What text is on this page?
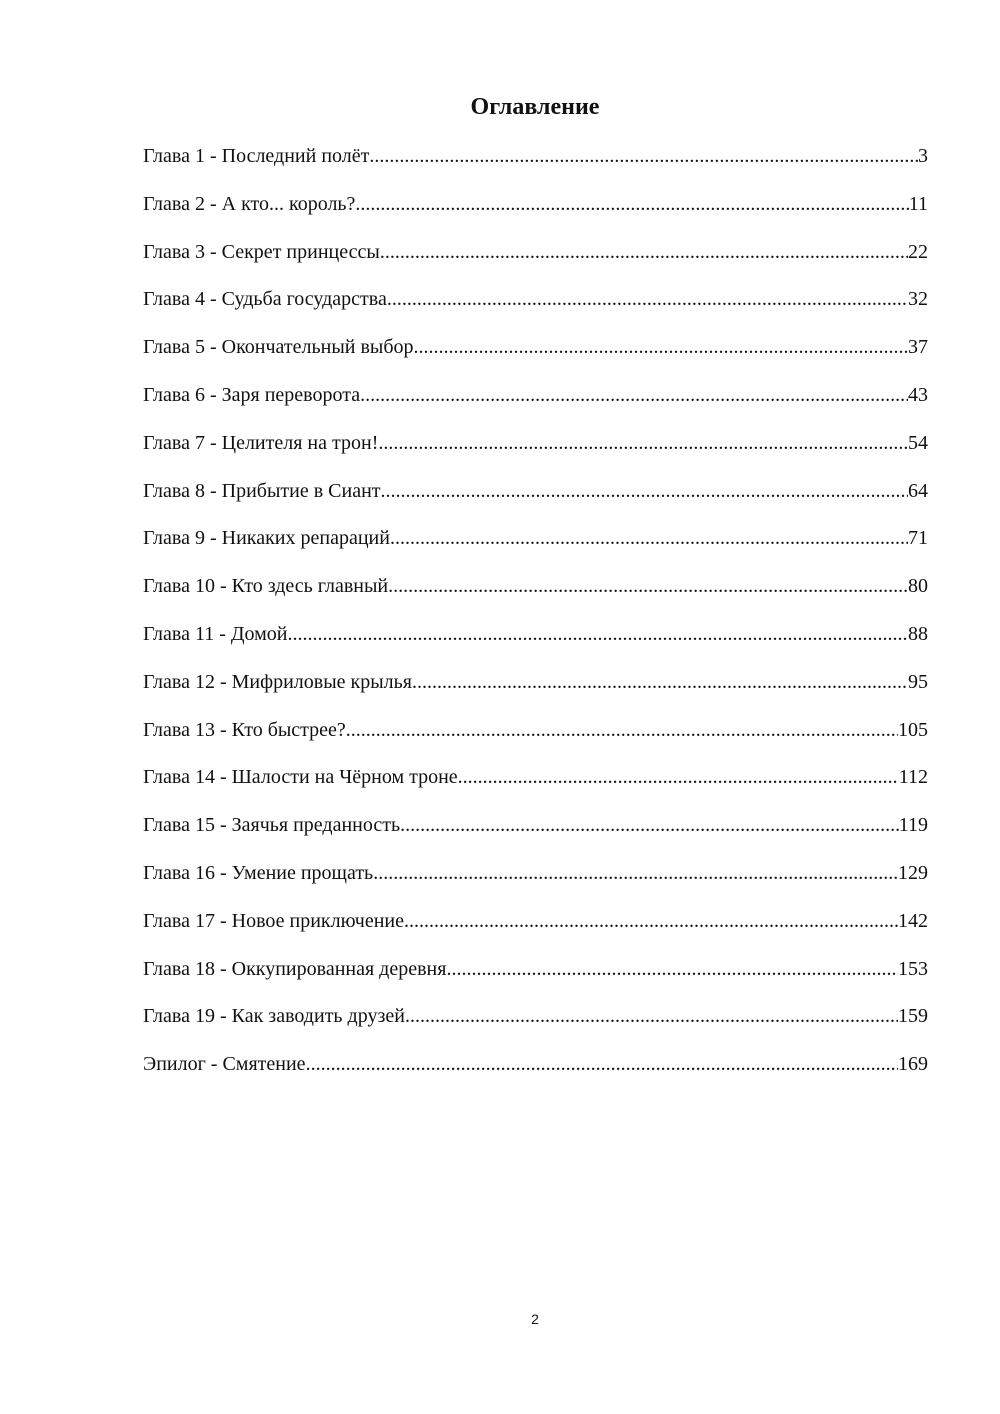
Оглавление
Глава 1 - Последний полёт .....	3
Глава 2 - А кто... король? .....	11
Глава 3 - Секрет принцессы .....	22
Глава 4 - Судьба государства .....	32
Глава 5 - Окончательный выбор .....	37
Глава 6 - Заря переворота .....	43
Глава 7 - Целителя на трон! .....	54
Глава 8 - Прибытие в Сиант .....	64
Глава 9 - Никаких репараций .....	71
Глава 10 - Кто здесь главный .....	80
Глава 11 - Домой .....	88
Глава 12 - Мифриловые крылья .....	95
Глава 13 - Кто быстрее? .....	105
Глава 14 - Шалости на Чёрном троне .....	112
Глава 15 - Заячья преданность .....	119
Глава 16 - Умение прощать .....	129
Глава 17 - Новое приключение .....	142
Глава 18 - Оккупированная деревня .....	153
Глава 19 - Как заводить друзей .....	159
Эпилог - Смятение .....	169
2
